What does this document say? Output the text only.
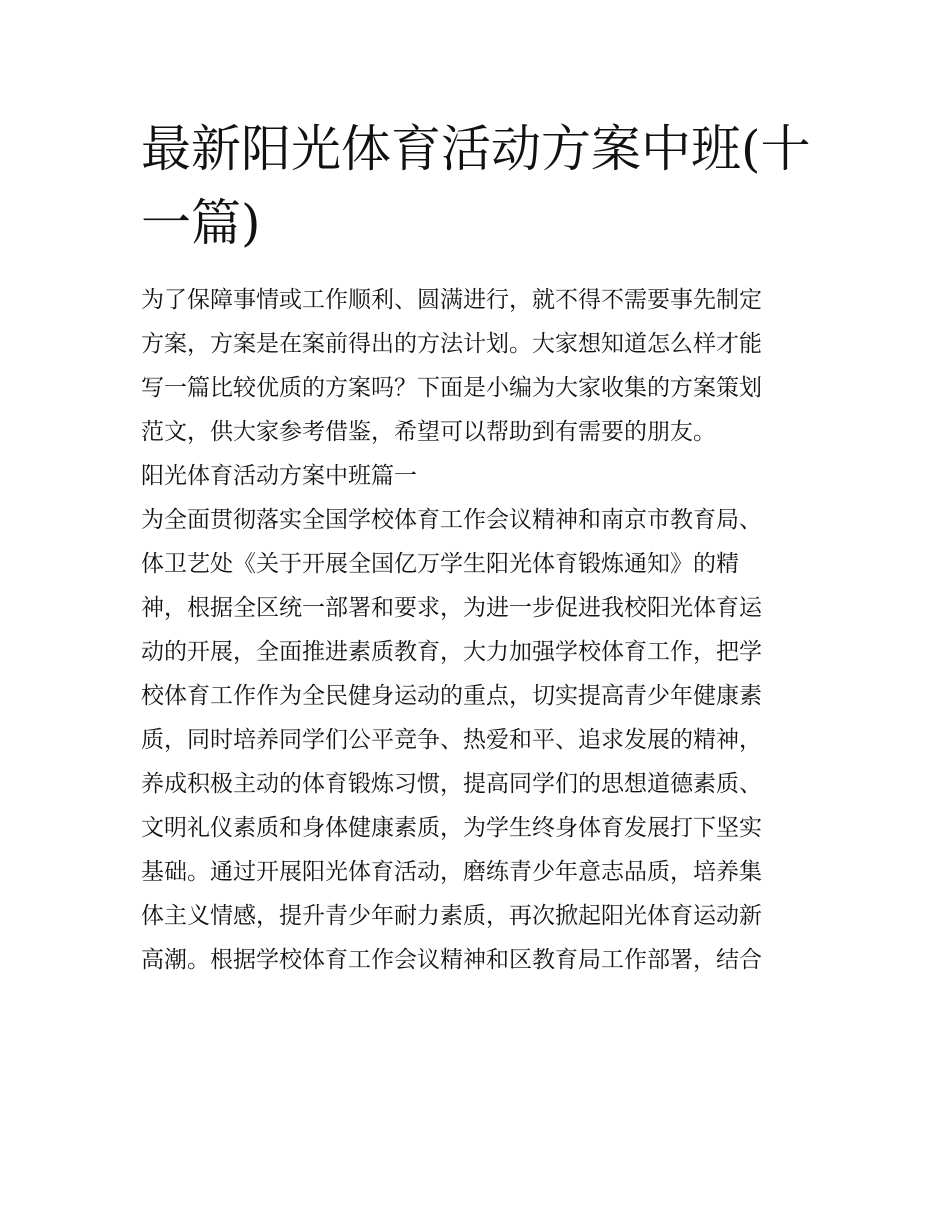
最新阳光体育活动方案中班(十
一篇)
为了保障事情或工作顺利、圆满进行，就不得不需要事先制定
方案，方案是在案前得出的方法计划。大家想知道怎么样才能
写一篇比较优质的方案吗？下面是小编为大家收集的方案策划
范文，供大家参考借鉴，希望可以帮助到有需要的朋友。
阳光体育活动方案中班篇一
为全面贯彻落实全国学校体育工作会议精神和南京市教育局、
体卫艺处《关于开展全国亿万学生阳光体育锻炼通知》的精
神，根据全区统一部署和要求，为进一步促进我校阳光体育运
动的开展，全面推进素质教育，大力加强学校体育工作，把学
校体育工作作为全民健身运动的重点，切实提高青少年健康素
质，同时培养同学们公平竞争、热爱和平、追求发展的精神，
养成积极主动的体育锻炼习惯，提高同学们的思想道德素质、
文明礼仪素质和身体健康素质，为学生终身体育发展打下坚实
基础。通过开展阳光体育活动，磨练青少年意志品质，培养集
体主义情感，提升青少年耐力素质，再次掀起阳光体育运动新
高潮。根据学校体育工作会议精神和区教育局工作部署，结合
